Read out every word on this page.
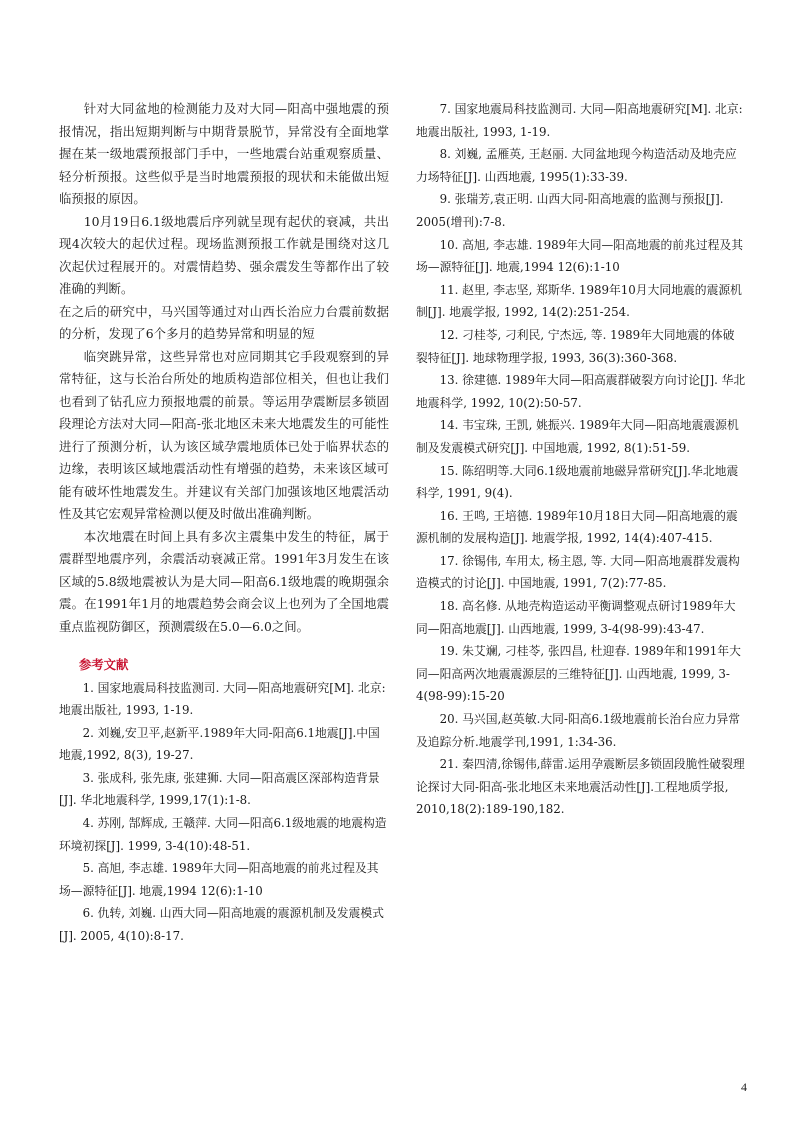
针对大同盆地的检测能力及对大同—阳高中强地震的预报情况，指出短期判断与中期背景脱节，异常没有全面地掌握在某一级地震预报部门手中，一些地震台站重观察质量、轻分析预报。这些似乎是当时地震预报的现状和未能做出短临预报的原因。

10月19日6.1级地震后序列就呈现有起伏的衰减，共出现4次较大的起伏过程。现场监测预报工作就是围绕对这几次起伏过程展开的。对震情趋势、强余震发生等都作出了较准确的判断。

在之后的研究中，马兴国等通过对山西长治应力台震前数据的分析，发现了6个多月的趋势异常和明显的短

临突跳异常，这些异常也对应同期其它手段观察到的异常特征，这与长治台所处的地质构造部位相关，但也让我们也看到了钻孔应力预报地震的前景。等运用孕震断层多锁固段理论方法对大同—阳高-张北地区未来大地震发生的可能性进行了预测分析，认为该区域孕震地质体已处于临界状态的边缘，表明该区域地震活动性有增强的趋势，未来该区域可能有破坏性地震发生。并建议有关部门加强该地区地震活动性及其它宏观异常检测以便及时做出准确判断。

本次地震在时间上具有多次主震集中发生的特征，属于震群型地震序列，余震活动衰减正常。1991年3月发生在该区域的5.8级地震被认为是大同—阳高6.1级地震的晚期强余震。在1991年1月的地震趋势会商会议上也列为了全国地震重点监视防御区，预测震级在5.0—6.0之间。

参考文献

1. 国家地震局科技监测司. 大同—阳高地震研究[M]. 北京:地震出版社, 1993, 1-19.

2. 刘巍,安卫平,赵新平.1989年大同-阳高6.1地震[J].中国地震,1992, 8(3), 19-27.

3. 张成科, 张先康, 张建狮. 大同—阳高震区深部构造背景[J]. 华北地震科学, 1999,17(1):1-8.

4. 苏刚, 郜辉成, 王赣萍. 大同—阳高6.1级地震的地震构造环境初探[J]. 1999, 3-4(10):48-51.

5. 高旭, 李志雄. 1989年大同—阳高地震的前兆过程及其场—源特征[J]. 地震,1994 12(6):1-10

6. 仇转, 刘巍. 山西大同—阳高地震的震源机制及发震模式[J]. 2005, 4(10):8-17.

7. 国家地震局科技监测司. 大同—阳高地震研究[M]. 北京:地震出版社, 1993, 1-19.

8. 刘巍, 孟雁英, 王赵丽. 大同盆地现今构造活动及地壳应力场特征[J]. 山西地震, 1995(1):33-39.

9. 张瑞芳,袁正明. 山西大同-阳高地震的监测与预报[J]. 2005(增刊):7-8.

10. 高旭, 李志雄. 1989年大同—阳高地震的前兆过程及其场—源特征[J]. 地震,1994 12(6):1-10

11. 赵里, 李志坚, 郑斯华. 1989年10月大同地震的震源机制[J]. 地震学报, 1992, 14(2):251-254.

12. 刁桂苓, 刁利民, 宁杰远, 等. 1989年大同地震的体破裂特征[J]. 地球物理学报, 1993, 36(3):360-368.

13. 徐建德. 1989年大同—阳高震群破裂方向讨论[J]. 华北地震科学, 1992, 10(2):50-57.

14. 韦宝珠, 王凯, 姚振兴. 1989年大同—阳高地震震源机制及发震模式研究[J]. 中国地震, 1992, 8(1):51-59.

15. 陈绍明等.大同6.1级地震前地磁异常研究[J].华北地震科学, 1991, 9(4).

16. 王鸣, 王培德. 1989年10月18日大同—阳高地震的震源机制的发展构造[J]. 地震学报, 1992, 14(4):407-415.

17. 徐锡伟, 车用太, 杨主恩, 等. 大同—阳高地震群发震构造模式的讨论[J]. 中国地震, 1991, 7(2):77-85.

18. 高名修. 从地壳构造运动平衡调整观点研讨1989年大同—阳高地震[J]. 山西地震, 1999, 3-4(98-99):43-47.

19. 朱艾斓, 刁桂苓, 张四昌, 杜迎春. 1989年和1991年大同—阳高两次地震震源层的三维特征[J]. 山西地震, 1999, 3-4(98-99):15-20

20. 马兴国,赵英敏.大同-阳高6.1级地震前长治台应力异常及追踪分析.地震学刊,1991, 1:34-36.

21. 秦四清,徐锡伟,薛雷.运用孕震断层多锁固段脆性破裂理论探讨大同-阳高-张北地区未来地震活动性[J].工程地质学报, 2010,18(2):189-190,182.

4
